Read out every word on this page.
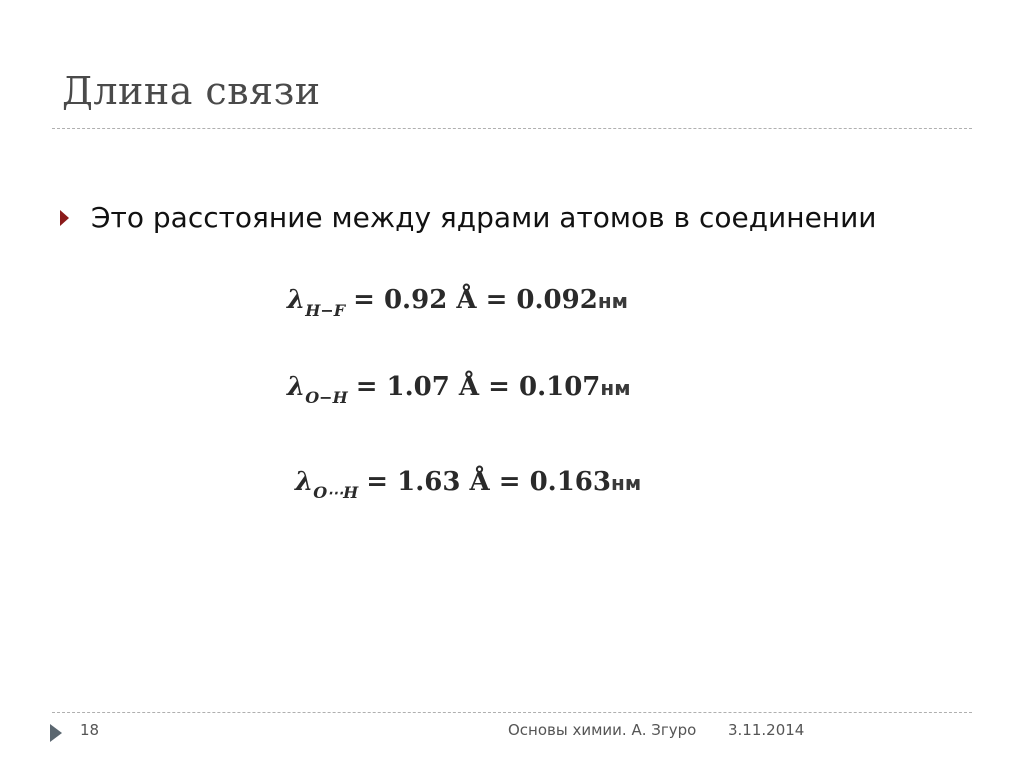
Длина связи
Это расстояние между ядрами атомов в соединении
λ H−F = 0.92 Å = 0.092 нм
λ O−H = 1.07 Å = 0.107 нм
λ O⋯H = 1.63 Å = 0.163 нм
18	Основы химии. А. Згуро 3.11.2014
